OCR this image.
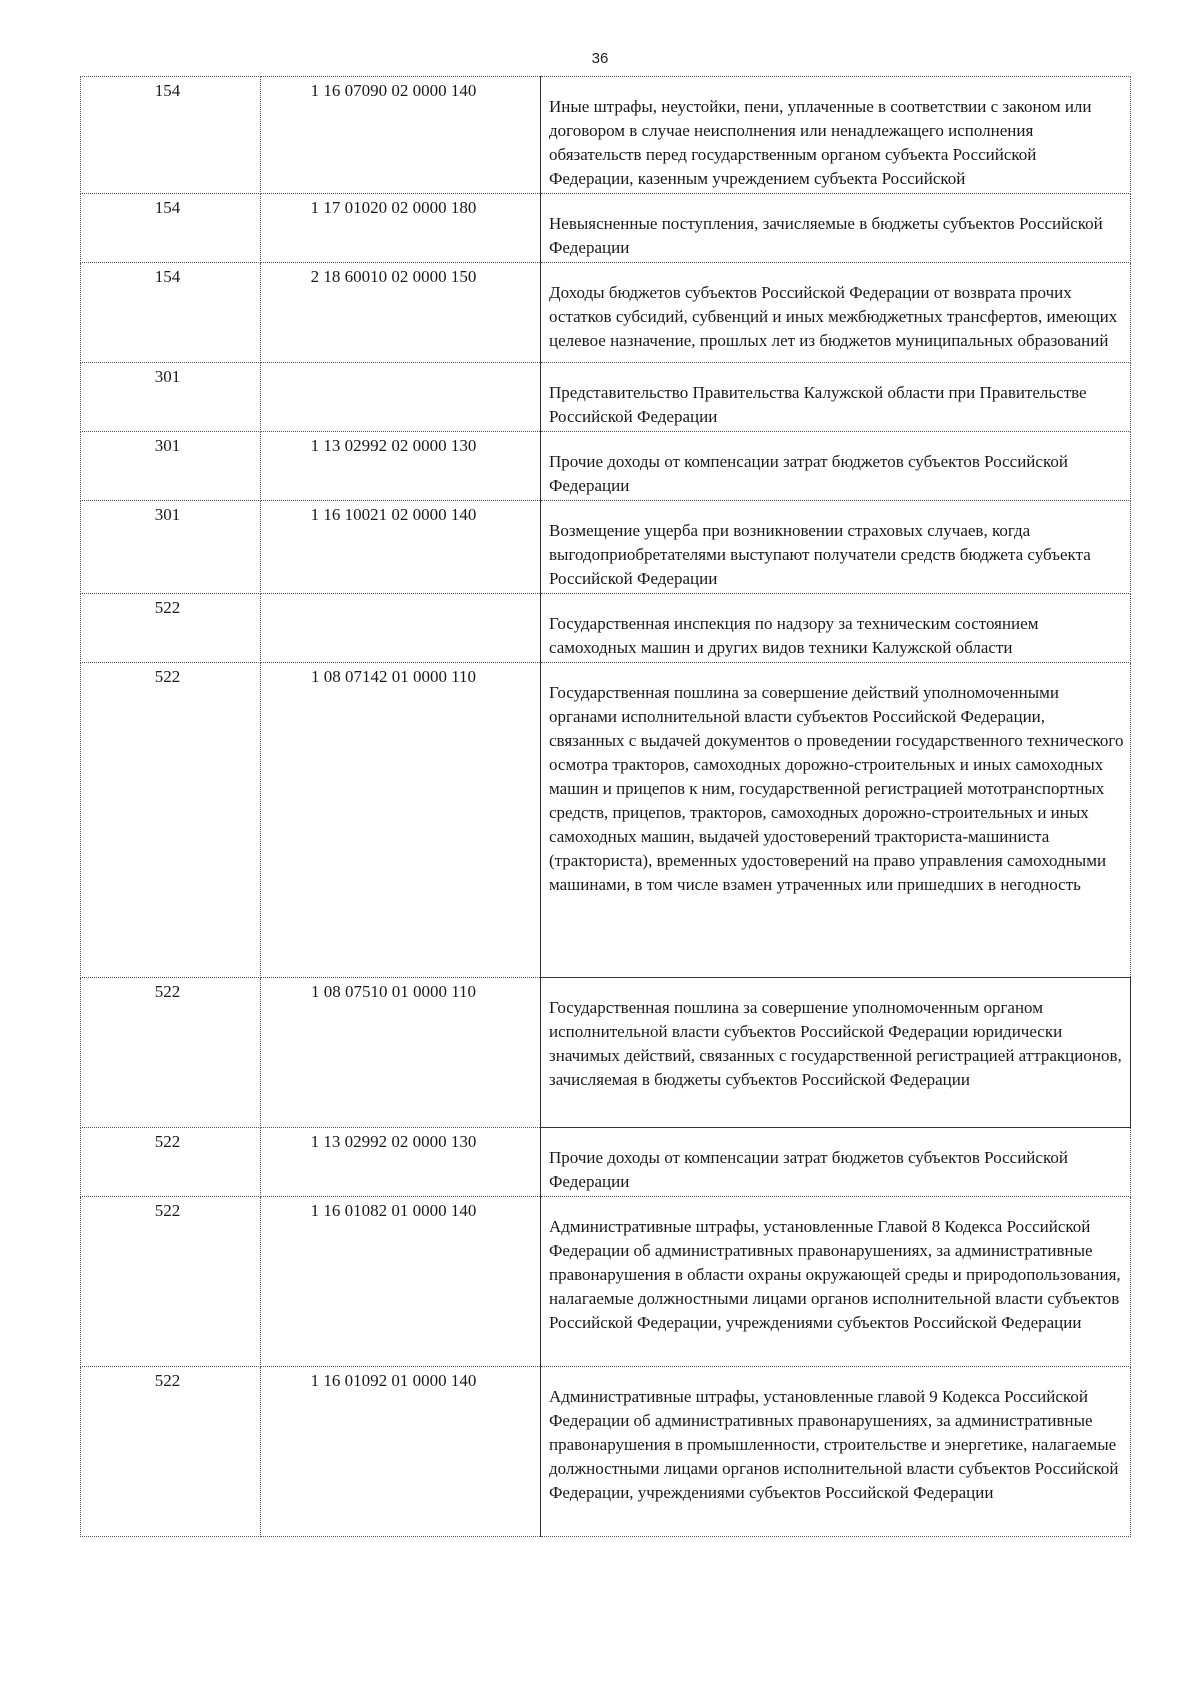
36
154	1 16 07090 02 0000 140	Иные штрафы, неустойки, пени, уплаченные в соответствии с законом или договором в случае неисполнения или ненадлежащего исполнения обязательств перед государственным органом субъекта Российской Федерации, казенным учреждением субъекта Российской
154	1 17 01020 02 0000 180	Невыясненные поступления, зачисляемые в бюджеты субъектов Российской Федерации
154	2 18 60010 02 0000 150	Доходы бюджетов субъектов Российской Федерации от возврата прочих остатков субсидий, субвенций и иных межбюджетных трансфертов, имеющих целевое назначение, прошлых лет из бюджетов муниципальных образований
301		Представительство Правительства Калужской области при Правительстве Российской Федерации
301	1 13 02992 02 0000 130	Прочие доходы от компенсации затрат бюджетов субъектов Российской Федерации
301	1 16 10021 02 0000 140	Возмещение ущерба при возникновении страховых случаев, когда выгодоприобретателями выступают получатели средств бюджета субъекта Российской Федерации
522		Государственная инспекция по надзору за техническим состоянием самоходных машин и других видов техники Калужской области
522	1 08 07142 01 0000 110	Государственная пошлина за совершение действий уполномоченными органами исполнительной власти субъектов Российской Федерации, связанных с выдачей документов о проведении государственного технического осмотра тракторов, самоходных дорожно-строительных и иных самоходных машин и прицепов к ним, государственной регистрацией мототранспортных средств, прицепов, тракторов, самоходных дорожно-строительных и иных самоходных машин, выдачей удостоверений тракториста-машиниста (тракториста), временных удостоверений на право управления самоходными машинами, в том числе взамен утраченных или пришедших в негодность
522	1 08 07510 01 0000 110	Государственная пошлина за совершение уполномоченным органом исполнительной власти субъектов Российской Федерации юридически значимых действий, связанных с государственной регистрацией аттракционов, зачисляемая в бюджеты субъектов Российской Федерации
522	1 13 02992 02 0000 130	Прочие доходы от компенсации затрат бюджетов субъектов Российской Федерации
522	1 16 01082 01 0000 140	Административные штрафы, установленные Главой 8 Кодекса Российской Федерации об административных правонарушениях, за административные правонарушения в области охраны окружающей среды и природопользования, налагаемые должностными лицами органов исполнительной власти субъектов Российской Федерации, учреждениями субъектов Российской Федерации
522	1 16 01092 01 0000 140	Административные штрафы, установленные главой 9 Кодекса Российской Федерации об административных правонарушениях, за административные правонарушения в промышленности, строительстве и энергетике, налагаемые должностными лицами органов исполнительной власти субъектов Российской Федерации, учреждениями субъектов Российской Федерации
